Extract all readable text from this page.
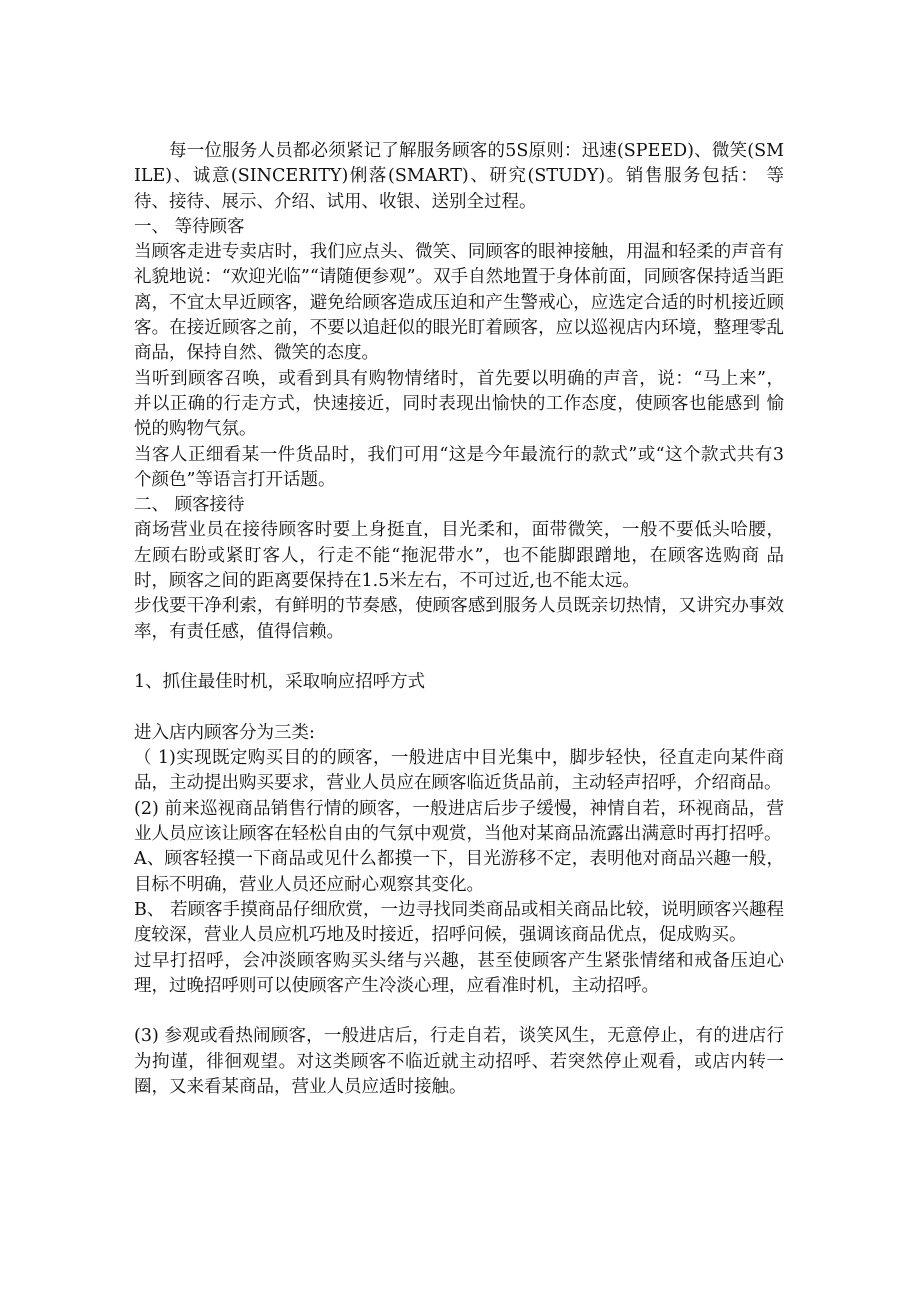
每一位服务人员都必须紧记了解服务顾客的5S原则：迅速(SPEED)、微笑(SMILE)、诚意(SINCERITY)俐落(SMART)、研究(STUDY)。销售服务包括： 等待、接待、展示、介绍、试用、收银、送别全过程。

一、 等待顾客

当顾客走进专卖店时，我们应点头、微笑、同顾客的眼神接触，用温和轻柔的声音有礼貌地说：“欢迎光临”“请随便参观”。双手自然地置于身体前面，同顾客保持适当距离，不宜太早近顾客，避免给顾客造成压迫和产生警戒心，应选定合适的时机接近顾客。在接近顾客之前，不要以追赶似的眼光盯着顾客，应以巡视店内环境，整理零乱商品，保持自然、微笑的态度。

当听到顾客召唤，或看到具有购物情绪时，首先要以明确的声音，说：“马上来”， 并以正确的行走方式，快速接近，同时表现出愉快的工作态度，使顾客也能感到 愉悦的购物气氛。

当客人正细看某一件货品时，我们可用“这是今年最流行的款式”或“这个款式共有3 个颜色”等语言打开话题。

二、 顾客接待

商场营业员在接待顾客时要上身挺直，目光柔和，面带微笑，一般不要低头哈腰， 左顾右盼或紧盯客人，行走不能“拖泥带水”，也不能脚跟蹭地，在顾客选购商 品时，顾客之间的距离要保持在1.5米左右，不可过近,也不能太远。

步伐要干净利索，有鲜明的节奏感，使顾客感到服务人员既亲切热情，又讲究办事效率，有责任感，值得信赖。

1、抓住最佳时机，采取响应招呼方式

进入店内顾客分为三类:

（ 1)实现既定购买目的的顾客，一般进店中目光集中，脚步轻快，径直走向某件商品，主动提出购买要求，营业人员应在顾客临近货品前，主动轻声招呼，介绍商品。

(2) 前来巡视商品销售行情的顾客，一般进店后步子缓慢，神情自若，环视商品，营业人员应该让顾客在轻松自由的气氛中观赏，当他对某商品流露出满意时再打招呼。

A、顾客轻摸一下商品或见什么都摸一下，目光游移不定，表明他对商品兴趣一般，目标不明确，营业人员还应耐心观察其变化。

B、 若顾客手摸商品仔细欣赏，一边寻找同类商品或相关商品比较，说明顾客兴趣程度较深，营业人员应机巧地及时接近，招呼问候，强调该商品优点，促成购买。

过早打招呼，会冲淡顾客购买头绪与兴趣，甚至使顾客产生紧张情绪和戒备压迫心理，过晚招呼则可以使顾客产生冷淡心理，应看准时机，主动招呼。

(3) 参观或看热闹顾客，一般进店后，行走自若，谈笑风生，无意停止，有的进店行为拘谨，徘徊观望。对这类顾客不临近就主动招呼、若突然停止观看，或店内转一圈，又来看某商品，营业人员应适时接触。
